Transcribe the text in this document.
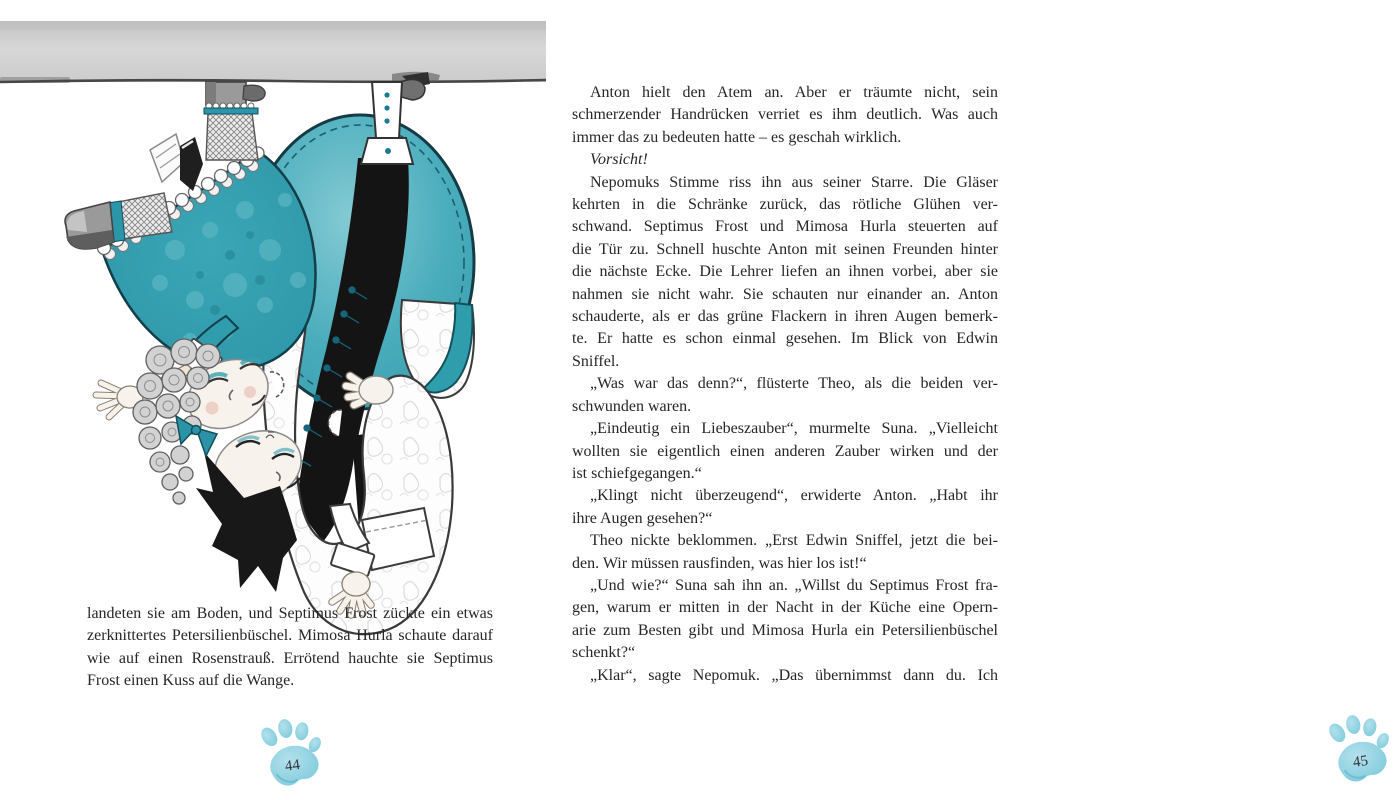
landeten sie am Boden, und Septimus Frost zückte ein etwas
zerknittertes Petersilienbüschel. Mimosa Hurla schaute darauf
wie auf einen Rosenstrauß. Errötend hauchte sie Septimus
Frost einen Kuss auf die Wange.
44
Anton hielt den Atem an. Aber er träumte nicht, sein
schmerzender Handrücken verriet es ihm deutlich. Was auch
immer das zu bedeuten hatte – es geschah wirklich.
Vorsicht!
Nepomuks Stimme riss ihn aus seiner Starre. Die Gläser
kehrten in die Schränke zurück, das rötliche Glühen ver-
schwand. Septimus Frost und Mimosa Hurla steuerten auf
die Tür zu. Schnell huschte Anton mit seinen Freunden hinter
die nächste Ecke. Die Lehrer liefen an ihnen vorbei, aber sie
nahmen sie nicht wahr. Sie schauten nur einander an. Anton
schauderte, als er das grüne Flackern in ihren Augen bemerk-
te. Er hatte es schon einmal gesehen. Im Blick von Edwin
Sniffel.
„Was war das denn?“, flüsterte Theo, als die beiden ver-
schwunden waren.
„Eindeutig ein Liebeszauber“, murmelte Suna. „Vielleicht
wollten sie eigentlich einen anderen Zauber wirken und der
ist schiefgegangen.“
„Klingt nicht überzeugend“, erwiderte Anton. „Habt ihr
ihre Augen gesehen?“
Theo nickte beklommen. „Erst Edwin Sniffel, jetzt die bei-
den. Wir müssen rausfinden, was hier los ist!“
„Und wie?“ Suna sah ihn an. „Willst du Septimus Frost fra-
gen, warum er mitten in der Nacht in der Küche eine Opern-
arie zum Besten gibt und Mimosa Hurla ein Petersilienbüschel
schenkt?“
„Klar“, sagte Nepomuk. „Das übernimmst dann du. Ich
45
